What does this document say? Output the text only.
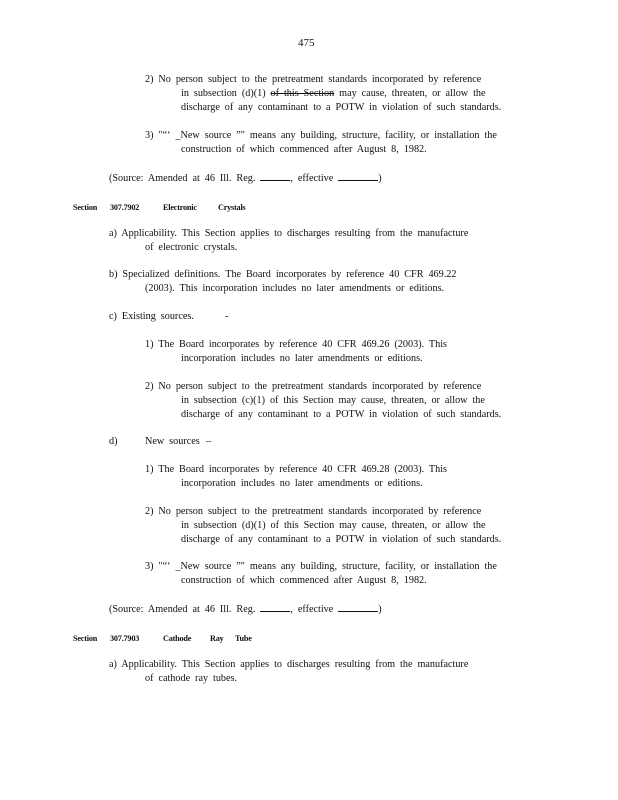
475
2) No person subject to the pretreatment standards incorporated by reference
in subsection (d)(1) of this Section may cause, threaten, or allow the
discharge of any contaminant to a POTW in violation of such standards.
3) "“‘ _New source ”" means any building, structure, facility, or installation the
construction of which commenced after August 8, 1982.
(Source: Amended at 46 Ill. Reg.	, effective	)
Section 307.7902	Electronic	Crystals
a) Applicability. This Section applies to discharges resulting from the manufacture
of electronic crystals.
b) Specialized definitions. The Board incorporates by reference 40 CFR 469.22
(2003). This incorporation includes no later amendments or editions.
c) Existing sources.	-
1) The Board incorporates by reference 40 CFR 469.26 (2003). This
incorporation includes no later amendments or editions.
2) No person subject to the pretreatment standards incorporated by reference
in subsection (c)(1) of this Section may cause, threaten, or allow the
discharge of any contaminant to a POTW in violation of such standards.
d)	New sources –
1) The Board incorporates by reference 40 CFR 469.28 (2003). This
incorporation includes no later amendments or editions.
2) No person subject to the pretreatment standards incorporated by reference
in subsection (d)(1) of this Section may cause, threaten, or allow the
discharge of any contaminant to a POTW in violation of such standards.
3) "“‘ _New source ”" means any building, structure, facility, or installation the
construction of which commenced after August 8, 1982.
(Source: Amended at 46 Ill. Reg.	, effective	)
Section 307.7903	Cathode Ray Tube
a) Applicability. This Section applies to discharges resulting from the manufacture
of cathode ray tubes.
